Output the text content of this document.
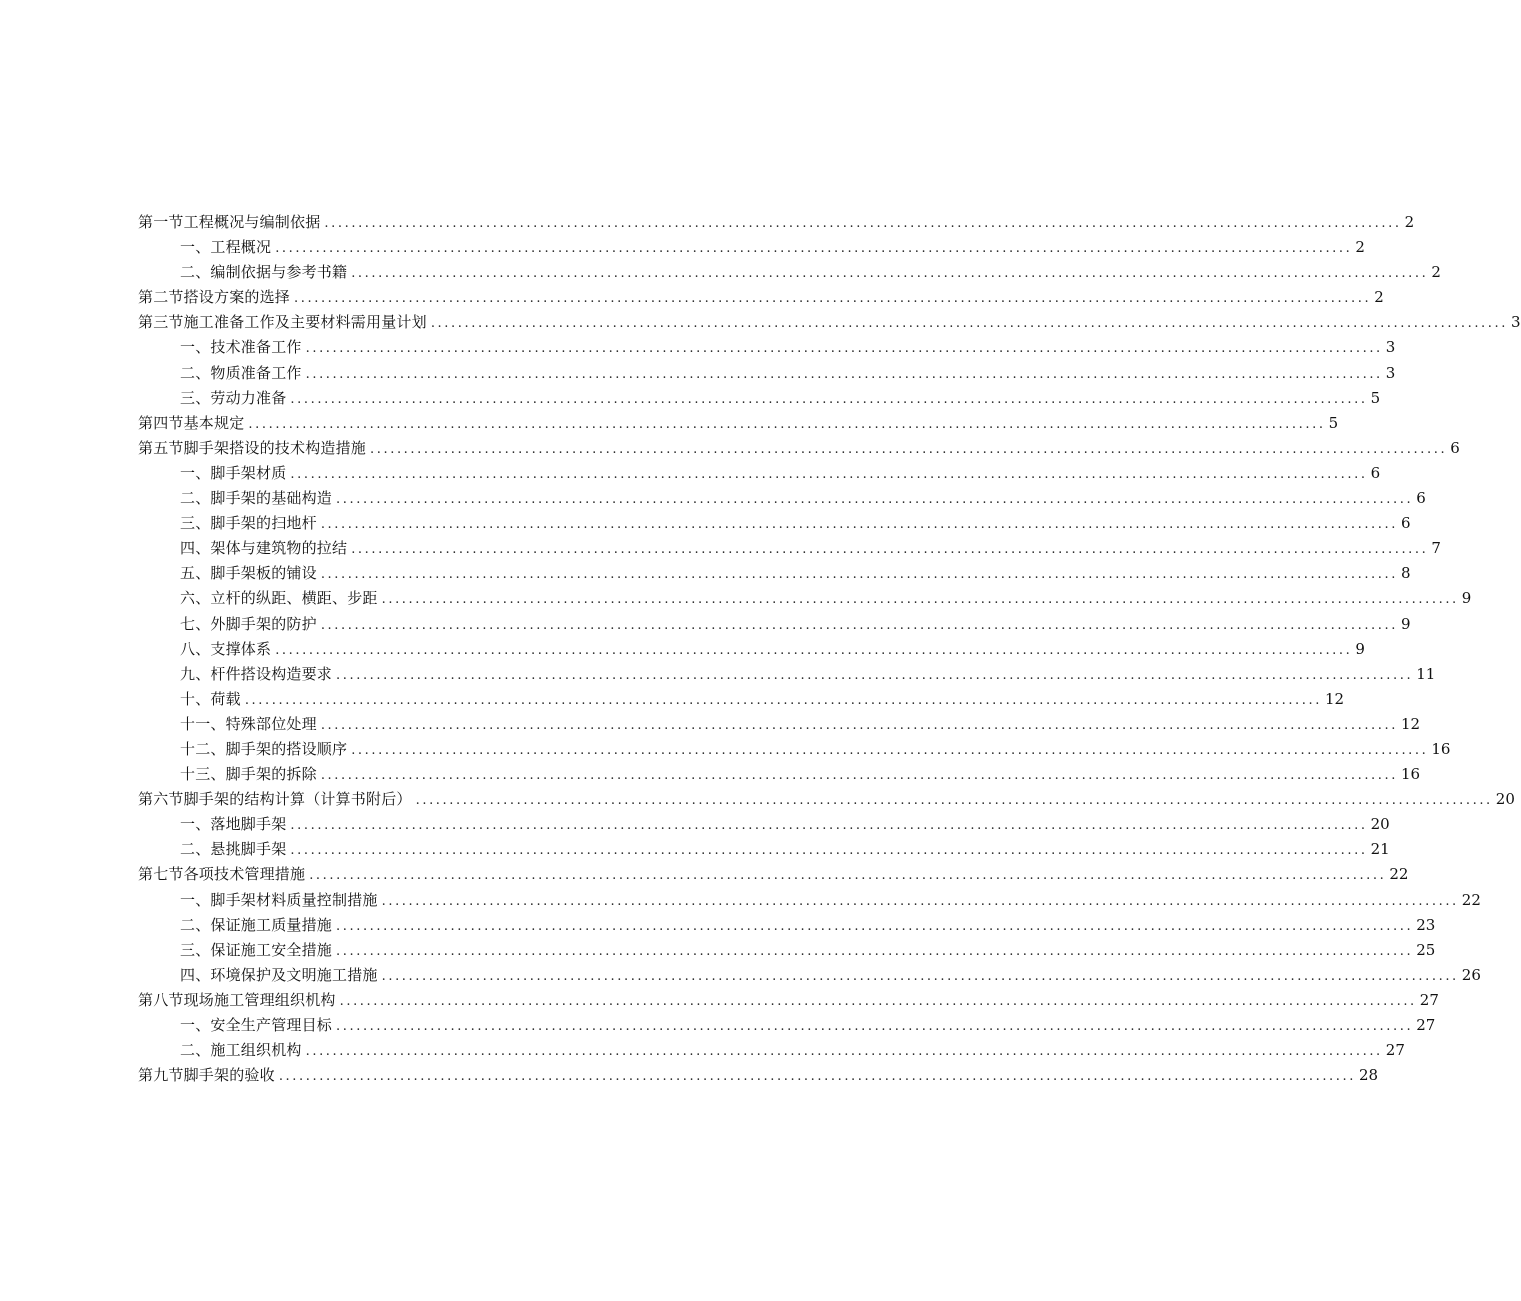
第一节工程概况与编制依据 ................................................................................................................................................................ 2
一、工程概况 ................................................................................................................................................................ 2
二、编制依据与参考书籍 ................................................................................................................................................................ 2
第二节搭设方案的选择 ................................................................................................................................................................ 2
第三节施工准备工作及主要材料需用量计划 ................................................................................................................................................................ 3
一、技术准备工作 ................................................................................................................................................................ 3
二、物质准备工作 ................................................................................................................................................................ 3
三、劳动力准备 ................................................................................................................................................................ 5
第四节基本规定 ................................................................................................................................................................ 5
第五节脚手架搭设的技术构造措施 ................................................................................................................................................................ 6
一、脚手架材质 ................................................................................................................................................................ 6
二、脚手架的基础构造 ................................................................................................................................................................ 6
三、脚手架的扫地杆 ................................................................................................................................................................ 6
四、架体与建筑物的拉结 ................................................................................................................................................................ 7
五、脚手架板的铺设 ................................................................................................................................................................ 8
六、立杆的纵距、横距、步距 ................................................................................................................................................................ 9
七、外脚手架的防护 ................................................................................................................................................................ 9
八、支撑体系 ................................................................................................................................................................ 9
九、杆件搭设构造要求 ................................................................................................................................................................ 11
十、荷载 ................................................................................................................................................................ 12
十一、特殊部位处理 ................................................................................................................................................................ 12
十二、脚手架的搭设顺序 ................................................................................................................................................................ 16
十三、脚手架的拆除 ................................................................................................................................................................ 16
第六节脚手架的结构计算（计算书附后） ................................................................................................................................................................ 20
一、落地脚手架 ................................................................................................................................................................ 20
二、悬挑脚手架 ................................................................................................................................................................ 21
第七节各项技术管理措施 ................................................................................................................................................................ 22
一、脚手架材料质量控制措施 ................................................................................................................................................................ 22
二、保证施工质量措施 ................................................................................................................................................................ 23
三、保证施工安全措施 ................................................................................................................................................................ 25
四、环境保护及文明施工措施 ................................................................................................................................................................ 26
第八节现场施工管理组织机构 ................................................................................................................................................................ 27
一、安全生产管理目标 ................................................................................................................................................................ 27
二、施工组织机构 ................................................................................................................................................................ 27
第九节脚手架的验收 ................................................................................................................................................................ 28
